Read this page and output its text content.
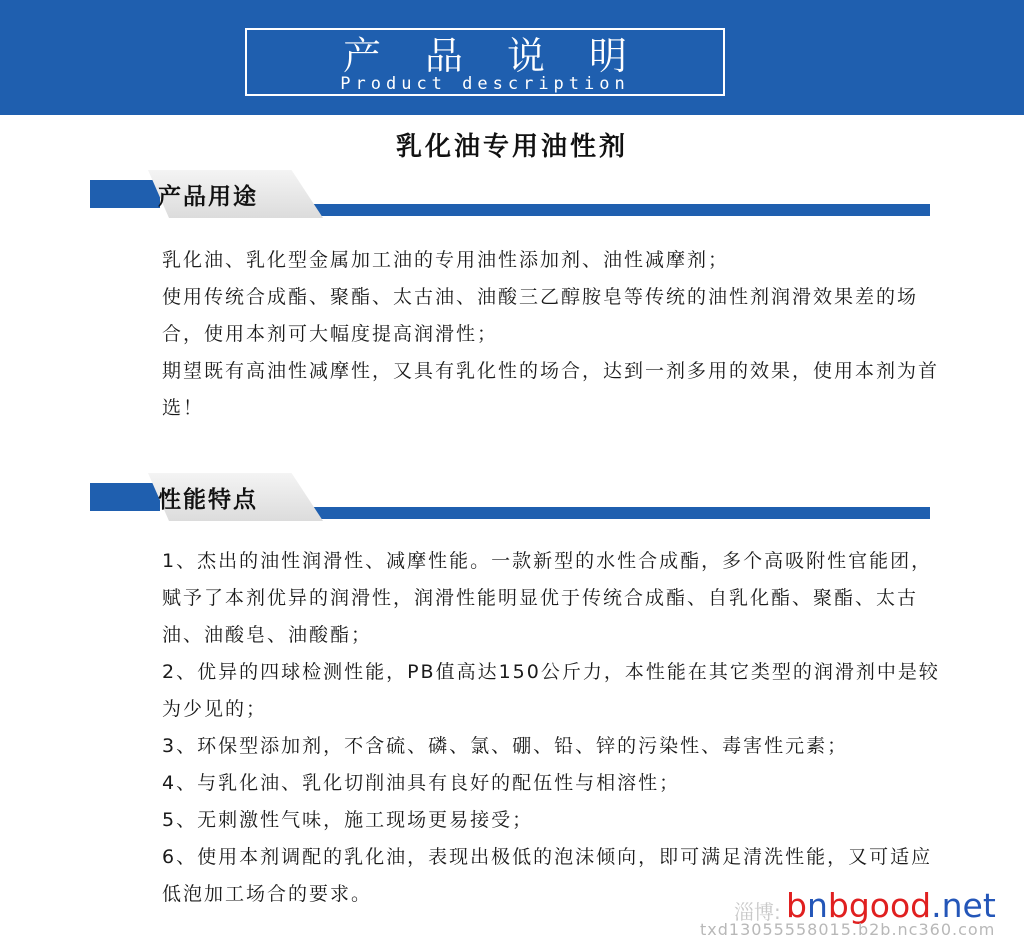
产品说明
Product description
乳化油专用油性剂
产品用途

乳化油、乳化型金属加工油的专用油性添加剂、油性减摩剂；

使用传统合成酯、聚酯、太古油、油酸三乙醇胺皂等传统的油性剂润滑效果差的场合，使用本剂可大幅度提高润滑性；

期望既有高油性减摩性，又具有乳化性的场合，达到一剂多用的效果，使用本剂为首选！

性能特点

1、杰出的油性润滑性、减摩性能。一款新型的水性合成酯，多个高吸附性官能团，赋予了本剂优异的润滑性，润滑性能明显优于传统合成酯、自乳化酯、聚酯、太古油、油酸皂、油酸酯；

2、优异的四球检测性能，PB值高达150公斤力，本性能在其它类型的润滑剂中是较为少见的；

3、环保型添加剂，不含硫、磷、氯、硼、铅、锌的污染性、毒害性元素；

4、与乳化油、乳化切削油具有良好的配伍性与相溶性；

5、无刺激性气味，施工现场更易接受；

6、使用本剂调配的乳化油，表现出极低的泡沫倾向，即可满足清洗性能，又可适应低泡加工场合的要求。

淄博: bnbgood.net
txd13055558015.b2b.nc360.com
